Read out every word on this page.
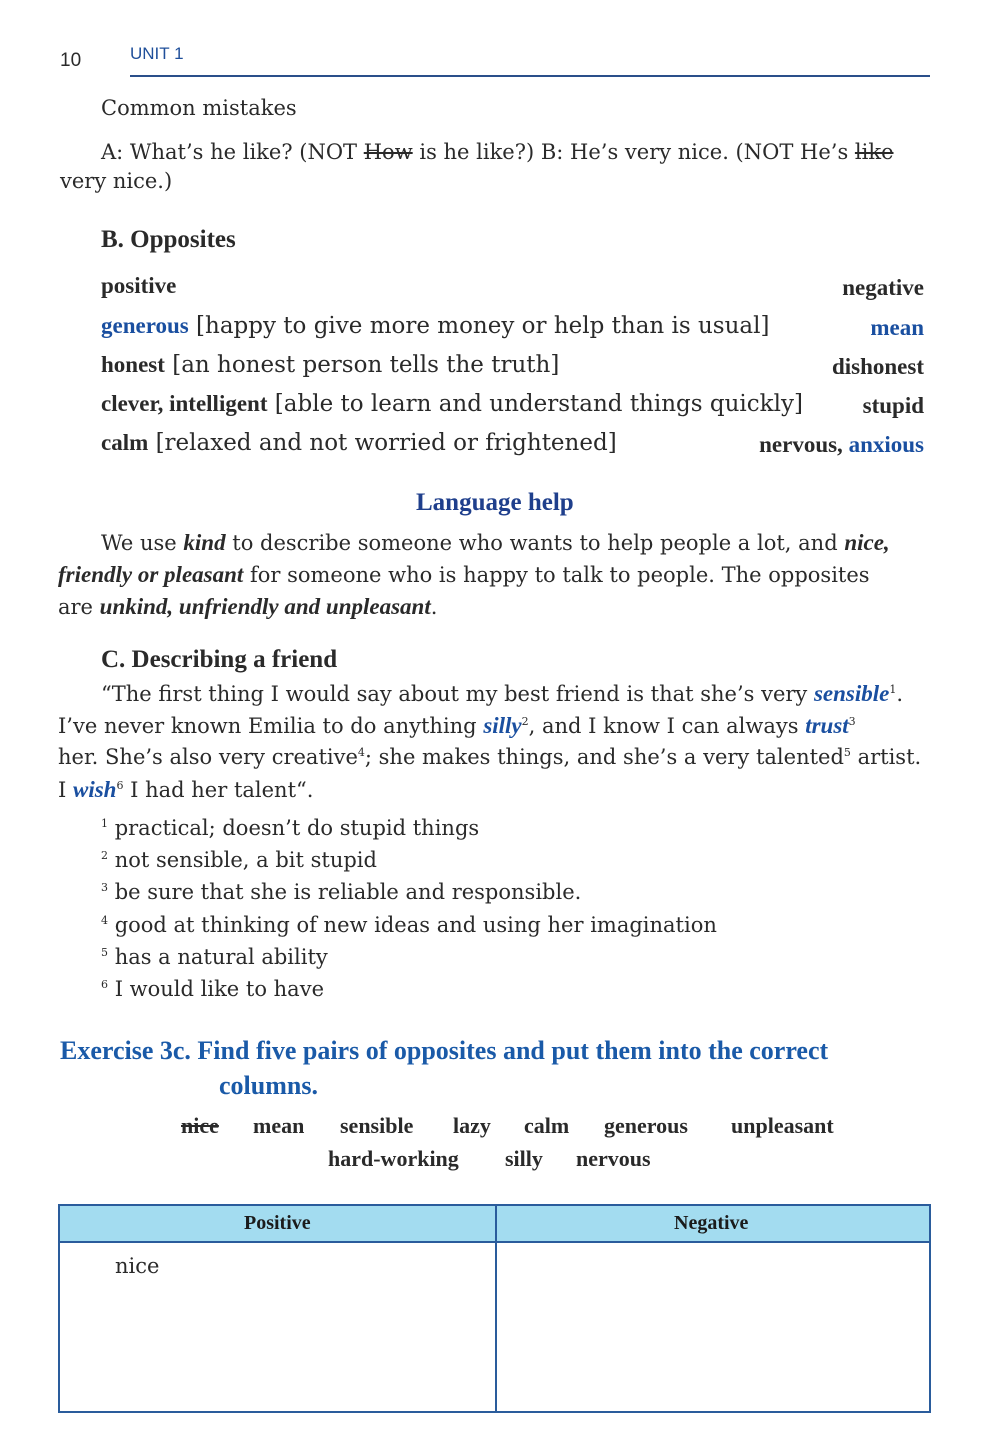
10	UNIT 1
Common mistakes
A: What’s he like? (NOT How is he like?) B: He’s very nice. (NOT He’s like
very nice.)
B. Opposites
positive	negative
generous [happy to give more money or help than is usual]	mean
honest [an honest person tells the truth]	dishonest
clever, intelligent [able to learn and understand things quickly]	stupid
calm [relaxed and not worried or frightened]	nervous, anxious
Language help
We use kind to describe someone who wants to help people a lot, and nice,
friendly or pleasant for someone who is happy to talk to people. The opposites
are unkind, unfriendly and unpleasant.
C. Describing a friend
“The first thing I would say about my best friend is that she’s very sensible$^1$.
I’ve never known Emilia to do anything silly$^2$, and I know I can always trust$^3$
her. She’s also very creative$^4$; she makes things, and she’s a very talented$^5$ artist.
I wish$^6$ I had her talent“.
$^1$ practical; doesn’t do stupid things
$^2$ not sensible, a bit stupid
$^3$ be sure that she is reliable and responsible.
$^4$ good at thinking of new ideas and using her imagination
$^5$ has a natural ability
$^6$ I would like to have
Exercise 3c. Find five pairs of opposites and put them into the correct
columns.
nice mean sensible lazy calm generous unpleasant
hard-working silly nervous
Positive	Negative
nice
